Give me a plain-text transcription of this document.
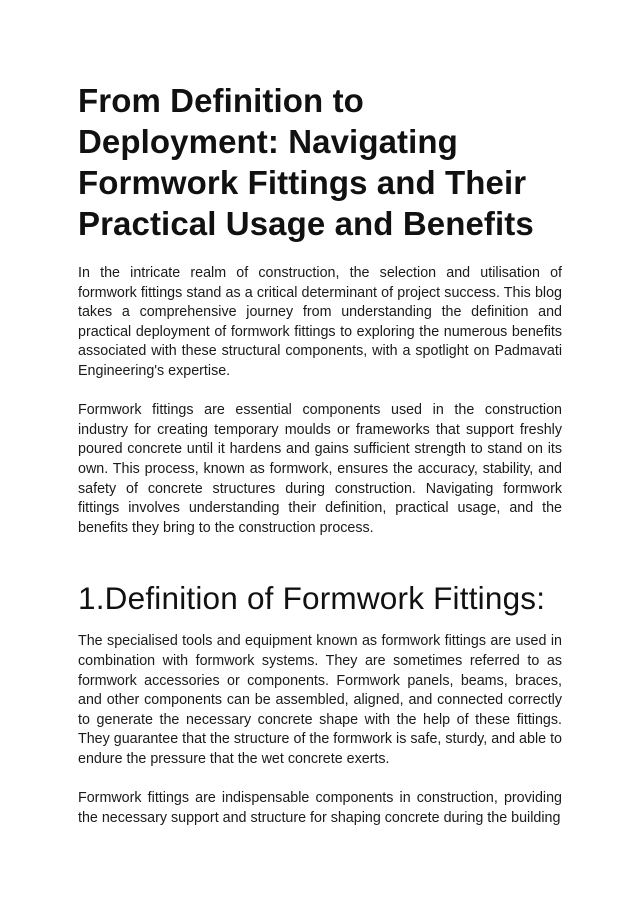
From Definition to Deployment: Navigating Formwork Fittings and Their Practical Usage and Benefits

In the intricate realm of construction, the selection and utilisation of formwork fittings stand as a critical determinant of project success. This blog takes a comprehensive journey from understanding the definition and practical deployment of formwork fittings to exploring the numerous benefits associated with these structural components, with a spotlight on Padmavati Engineering's expertise.

Formwork fittings are essential components used in the construction industry for creating temporary moulds or frameworks that support freshly poured concrete until it hardens and gains sufficient strength to stand on its own. This process, known as formwork, ensures the accuracy, stability, and safety of concrete structures during construction. Navigating formwork fittings involves understanding their definition, practical usage, and the benefits they bring to the construction process.

1.Definition of Formwork Fittings:

The specialised tools and equipment known as formwork fittings are used in combination with formwork systems. They are sometimes referred to as formwork accessories or components. Formwork panels, beams, braces, and other components can be assembled, aligned, and connected correctly to generate the necessary concrete shape with the help of these fittings. They guarantee that the structure of the formwork is safe, sturdy, and able to endure the pressure that the wet concrete exerts.

Formwork fittings are indispensable components in construction, providing the necessary support and structure for shaping concrete during the building
